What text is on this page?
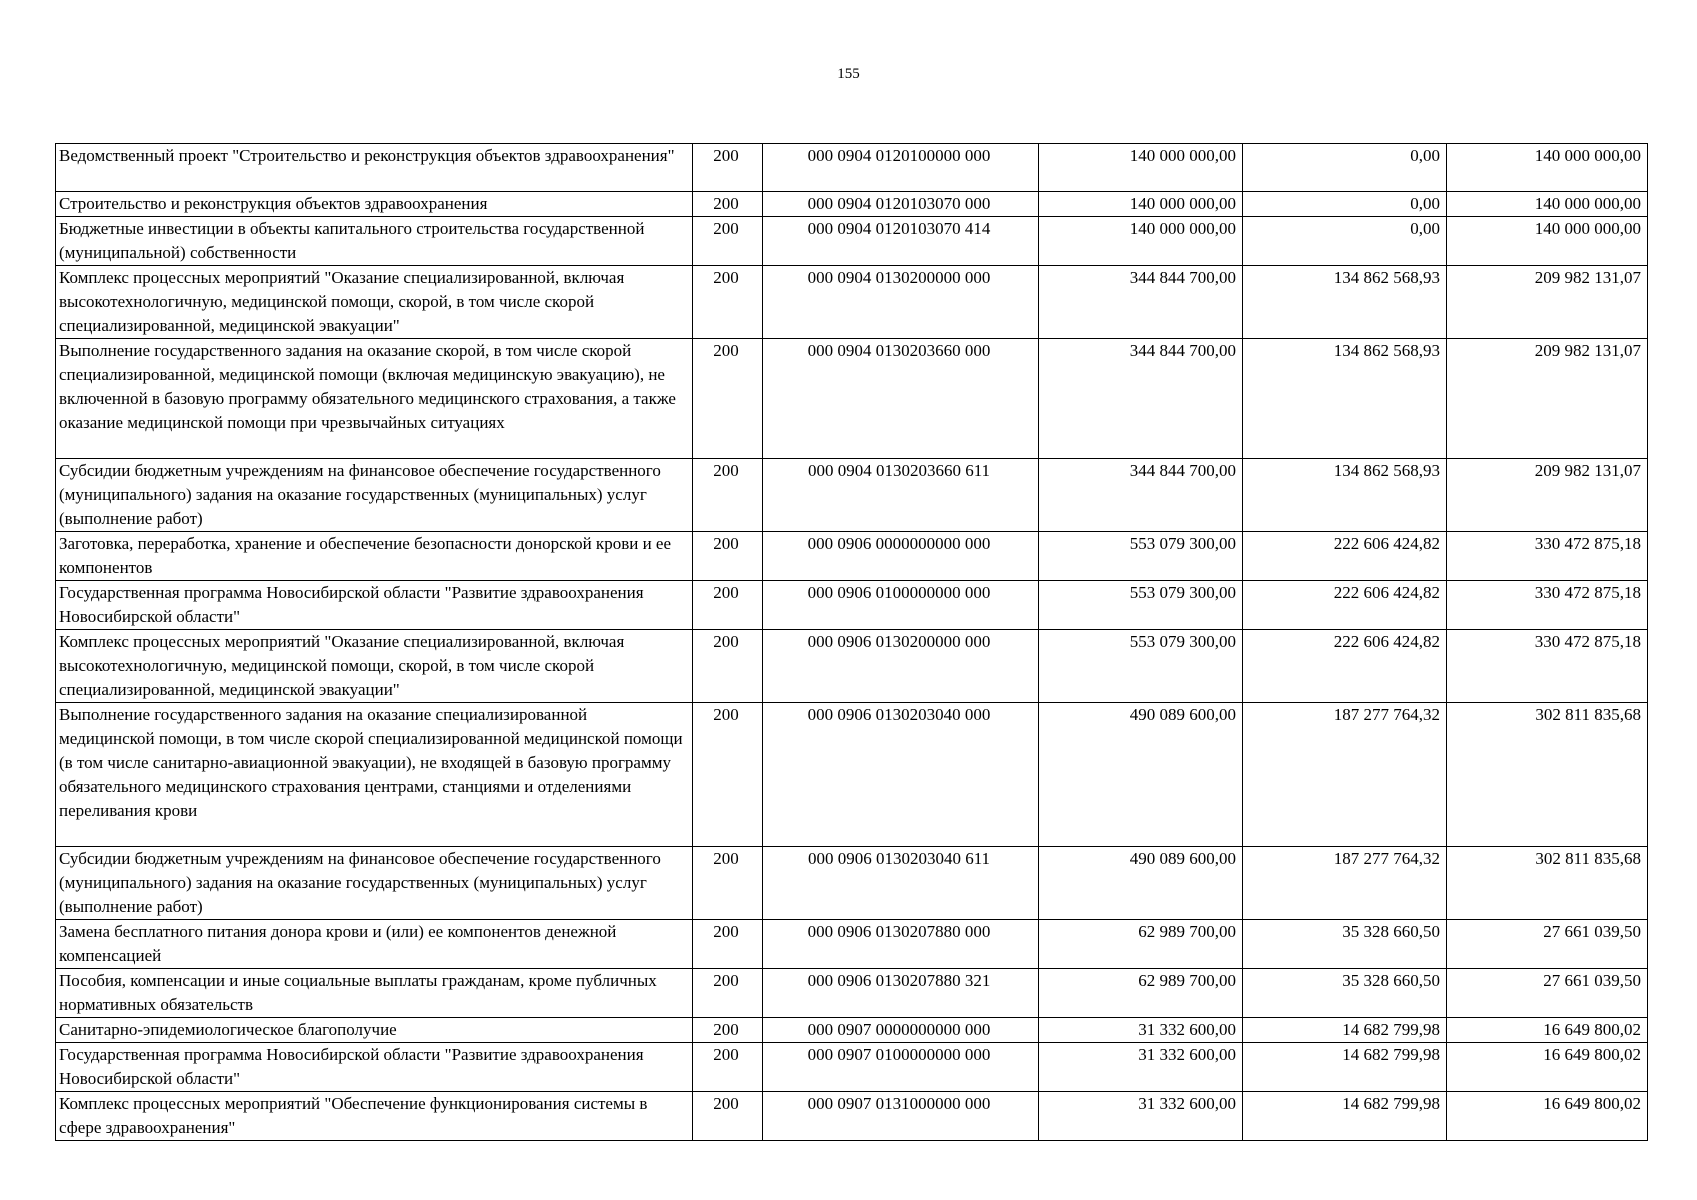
155
Ведомственный проект "Строительство и реконструкция объектов здравоохранения"	200	000 0904 0120100000 000	140 000 000,00	0,00	140 000 000,00
Строительство и реконструкция объектов здравоохранения	200	000 0904 0120103070 000	140 000 000,00	0,00	140 000 000,00
Бюджетные инвестиции в объекты капитального строительства государственной (муниципальной) собственности	200	000 0904 0120103070 414	140 000 000,00	0,00	140 000 000,00
Комплекс процессных мероприятий "Оказание специализированной, включая высокотехнологичную, медицинской помощи, скорой, в том числе скорой специализированной, медицинской эвакуации"	200	000 0904 0130200000 000	344 844 700,00	134 862 568,93	209 982 131,07
Выполнение государственного задания на оказание скорой, в том числе скорой специализированной, медицинской помощи (включая медицинскую эвакуацию), не включенной в базовую программу обязательного медицинского страхования, а также оказание медицинской помощи при чрезвычайных ситуациях	200	000 0904 0130203660 000	344 844 700,00	134 862 568,93	209 982 131,07
Субсидии бюджетным учреждениям на финансовое обеспечение государственного (муниципального) задания на оказание государственных (муниципальных) услуг (выполнение работ)	200	000 0904 0130203660 611	344 844 700,00	134 862 568,93	209 982 131,07
Заготовка, переработка, хранение и обеспечение безопасности донорской крови и ее компонентов	200	000 0906 0000000000 000	553 079 300,00	222 606 424,82	330 472 875,18
Государственная программа Новосибирской области "Развитие здравоохранения Новосибирской области"	200	000 0906 0100000000 000	553 079 300,00	222 606 424,82	330 472 875,18
Комплекс процессных мероприятий "Оказание специализированной, включая высокотехнологичную, медицинской помощи, скорой, в том числе скорой специализированной, медицинской эвакуации"	200	000 0906 0130200000 000	553 079 300,00	222 606 424,82	330 472 875,18
Выполнение государственного задания на оказание специализированной медицинской помощи, в том числе скорой специализированной медицинской помощи (в том числе санитарно-авиационной эвакуации), не входящей в базовую программу обязательного медицинского страхования центрами, станциями и отделениями переливания крови	200	000 0906 0130203040 000	490 089 600,00	187 277 764,32	302 811 835,68
Субсидии бюджетным учреждениям на финансовое обеспечение государственного (муниципального) задания на оказание государственных (муниципальных) услуг (выполнение работ)	200	000 0906 0130203040 611	490 089 600,00	187 277 764,32	302 811 835,68
Замена бесплатного питания донора крови и (или) ее компонентов денежной компенсацией	200	000 0906 0130207880 000	62 989 700,00	35 328 660,50	27 661 039,50
Пособия, компенсации и иные социальные выплаты гражданам, кроме публичных нормативных обязательств	200	000 0906 0130207880 321	62 989 700,00	35 328 660,50	27 661 039,50
Санитарно-эпидемиологическое благополучие	200	000 0907 0000000000 000	31 332 600,00	14 682 799,98	16 649 800,02
Государственная программа Новосибирской области "Развитие здравоохранения Новосибирской области"	200	000 0907 0100000000 000	31 332 600,00	14 682 799,98	16 649 800,02
Комплекс процессных мероприятий "Обеспечение функционирования системы в сфере здравоохранения"	200	000 0907 0131000000 000	31 332 600,00	14 682 799,98	16 649 800,02
